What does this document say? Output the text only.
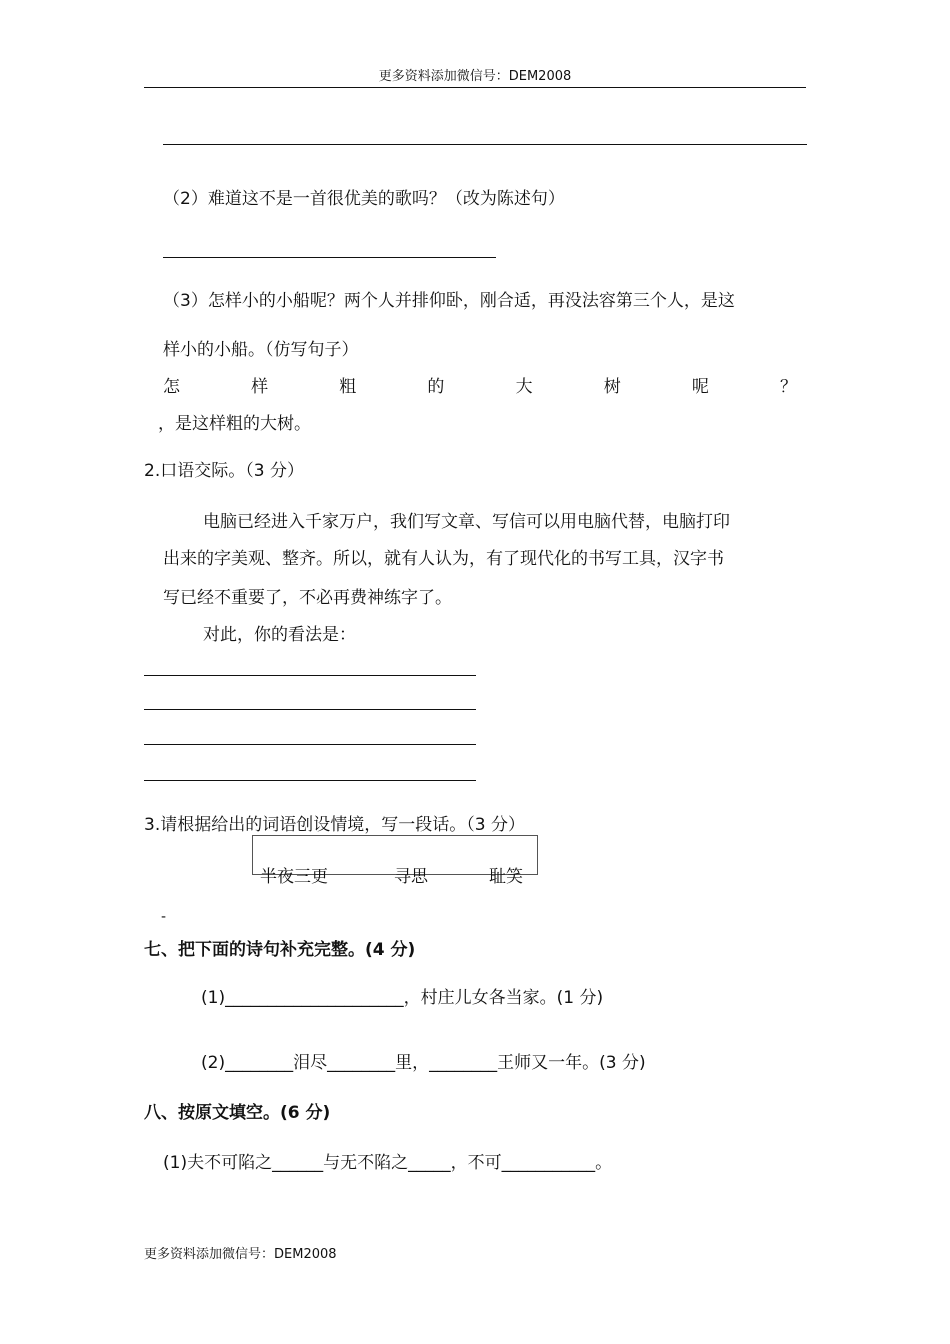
更多资料添加微信号：DEM2008
（2）难道这不是一首很优美的歌吗？（改为陈述句）
（3）怎样小的小船呢？两个人并排仰卧，刚合适，再没法容第三个人，是这
样小的小船。（仿写句子）
怎	样	粗	的	大	树	呢	？
，是这样粗的大树。
2.口语交际。（3 分）
电脑已经进入千家万户，我们写文章、写信可以用电脑代替，电脑打印
出来的字美观、整齐。所以，就有人认为，有了现代化的书写工具，汉字书
写已经不重要了，不必再费神练字了。
对此，你的看法是：
3.请根据给出的词语创设情境，写一段话。（3 分）
半夜三更	寻思	耻笑
-
七、把下面的诗句补充完整。(4 分)
(1)_____________________，村庄儿女各当家。(1 分)
(2)________泪尽________里，________王师又一年。(3 分)
八、按原文填空。(6 分)
(1)夫不可陷之______与无不陷之_____，不可___________。
更多资料添加微信号：DEM2008
